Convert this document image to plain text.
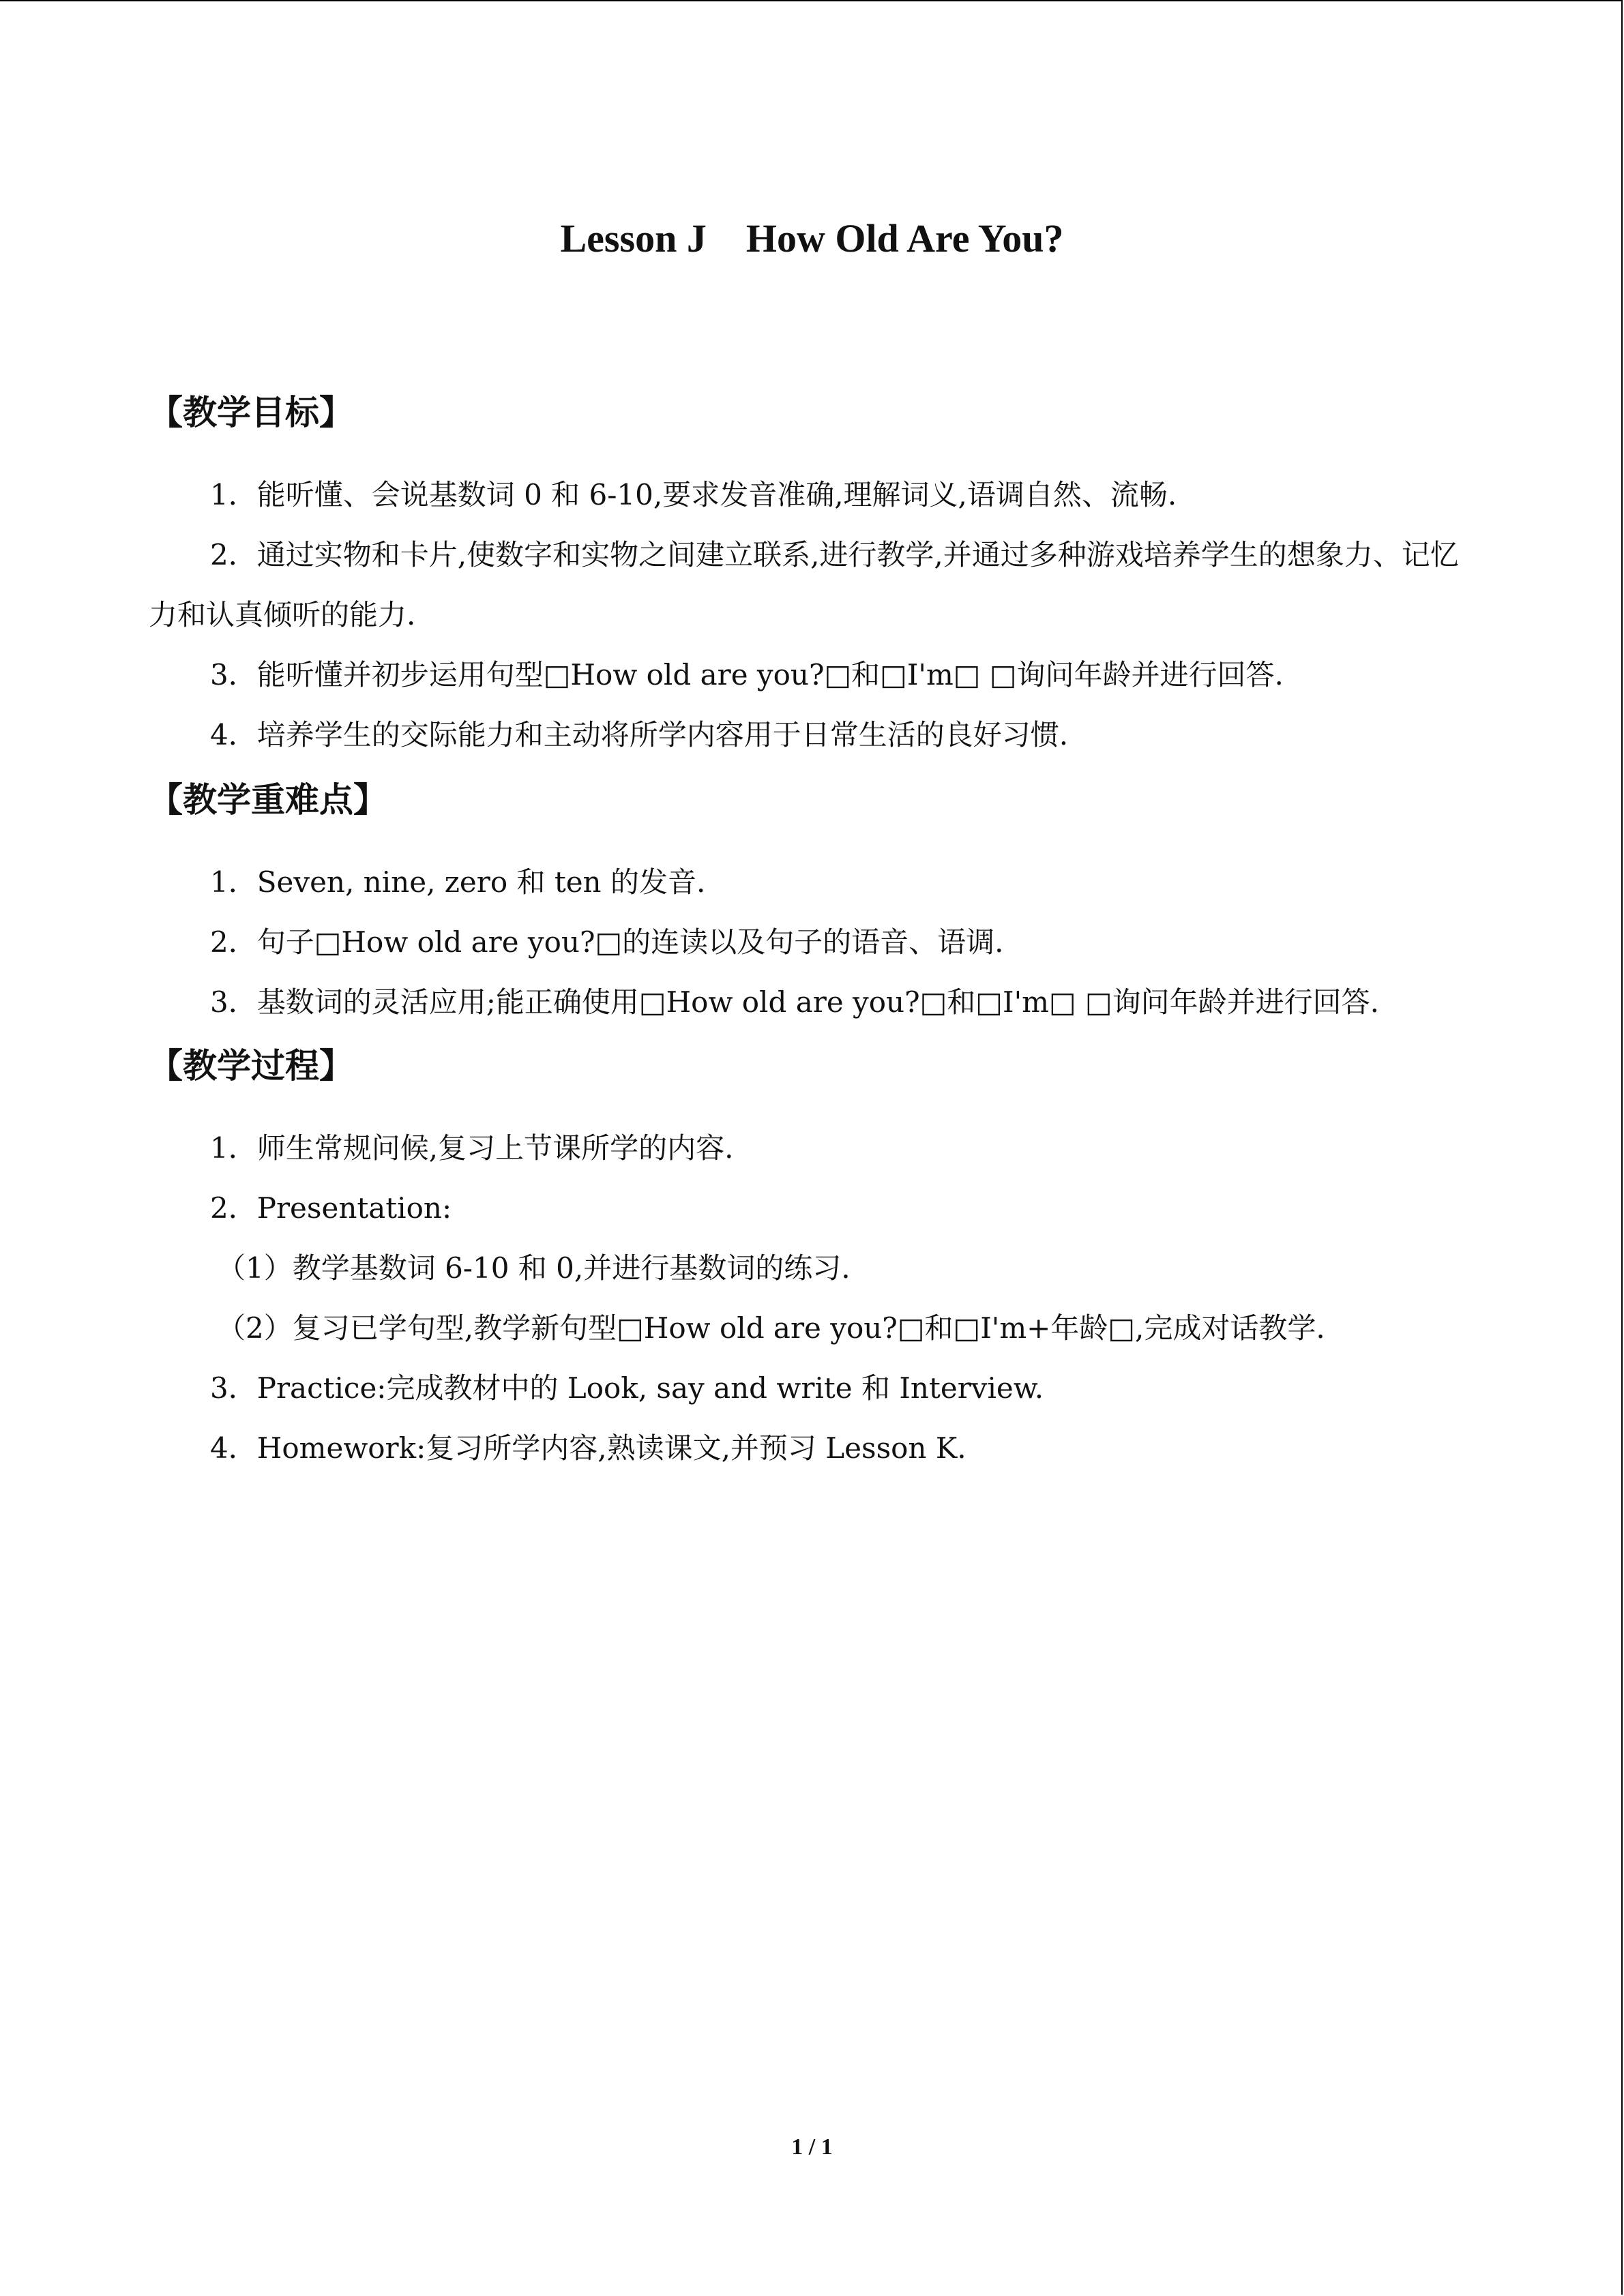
Lesson J    How Old Are You?
【教学目标】
1．能听懂、会说基数词 0 和 6-10,要求发音准确,理解词义,语调自然、流畅.
2．通过实物和卡片,使数字和实物之间建立联系,进行教学,并通过多种游戏培养学生的想象力、记忆力和认真倾听的能力.
3．能听懂并初步运用句型□How old are you?□和□I'm□ □询问年龄并进行回答.
4．培养学生的交际能力和主动将所学内容用于日常生活的良好习惯.
【教学重难点】
1．Seven, nine, zero 和 ten 的发音.
2．句子□How old are you?□的连读以及句子的语音、语调.
3．基数词的灵活应用;能正确使用□How old are you?□和□I'm□ □询问年龄并进行回答.
【教学过程】
1．师生常规问候,复习上节课所学的内容.
2．Presentation:
（1）教学基数词 6-10 和 0,并进行基数词的练习.
（2）复习已学句型,教学新句型□How old are you?□和□I'm+年龄□,完成对话教学.
3．Practice:完成教材中的 Look, say and write 和 Interview.
4．Homework:复习所学内容,熟读课文,并预习 Lesson K.
1 / 1
